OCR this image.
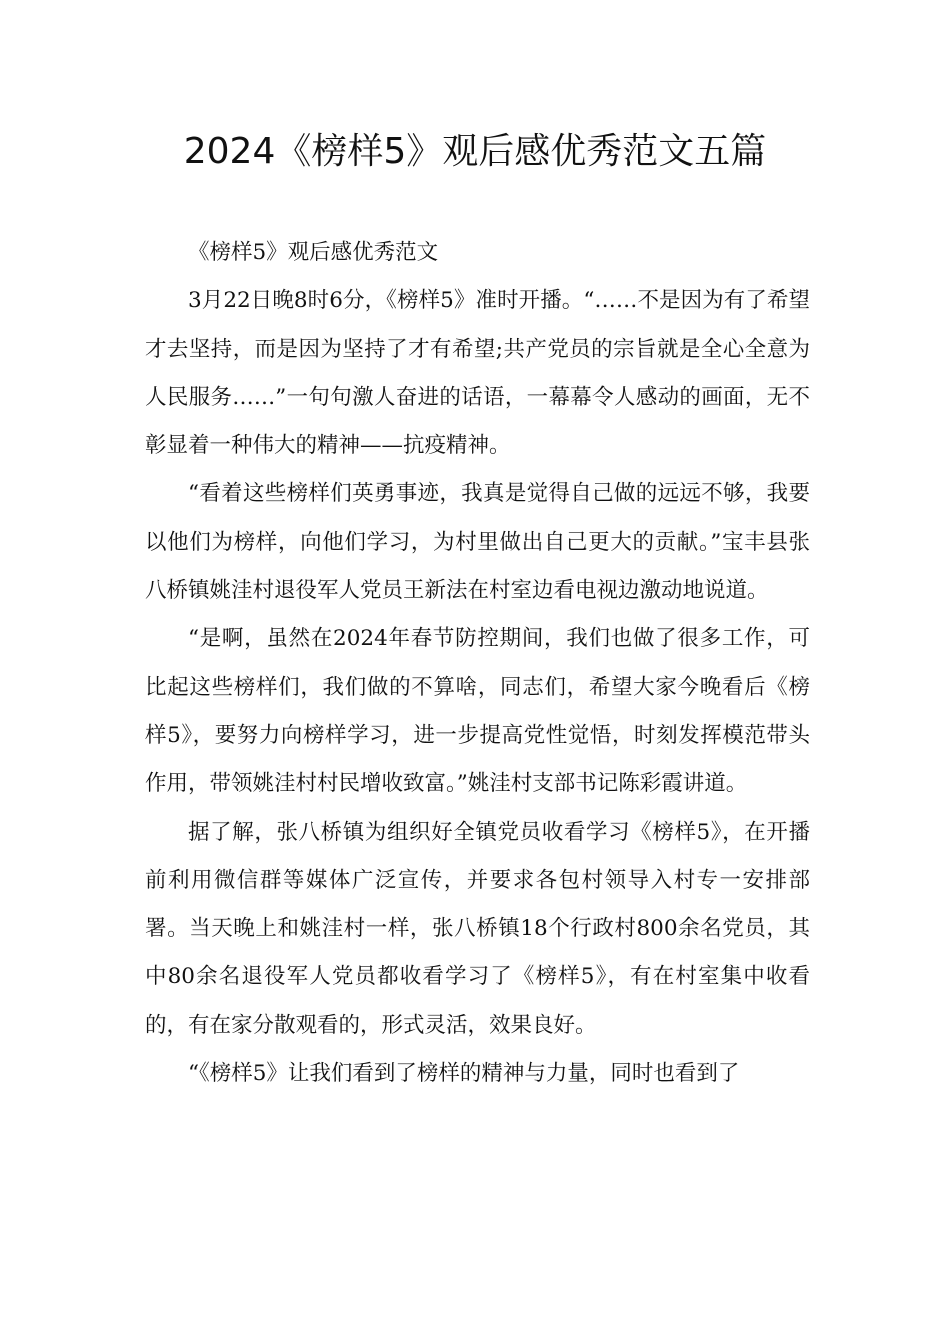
2024《榜样5》观后感优秀范文五篇

《榜样5》观后感优秀范文

3月22日晚8时6分，《榜样5》准时开播。“……不是因为有了希望才去坚持，而是因为坚持了才有希望;共产党员的宗旨就是全心全意为人民服务……”一句句激人奋进的话语，一幕幕令人感动的画面，无不彰显着一种伟大的精神——抗疫精神。

“看着这些榜样们英勇事迹，我真是觉得自己做的远远不够，我要以他们为榜样，向他们学习，为村里做出自己更大的贡献。”宝丰县张八桥镇姚洼村退役军人党员王新法在村室边看电视边激动地说道。

“是啊，虽然在2024年春节防控期间，我们也做了很多工作，可比起这些榜样们，我们做的不算啥，同志们，希望大家今晚看后《榜样5》，要努力向榜样学习，进一步提高党性觉悟，时刻发挥模范带头作用，带领姚洼村村民增收致富。”姚洼村支部书记陈彩霞讲道。

据了解，张八桥镇为组织好全镇党员收看学习《榜样5》，在开播前利用微信群等媒体广泛宣传，并要求各包村领导入村专一安排部署。当天晚上和姚洼村一样，张八桥镇18个行政村800余名党员，其中80余名退役军人党员都收看学习了《榜样5》，有在村室集中收看的，有在家分散观看的，形式灵活，效果良好。

“《榜样5》让我们看到了榜样的精神与力量，同时也看到了
